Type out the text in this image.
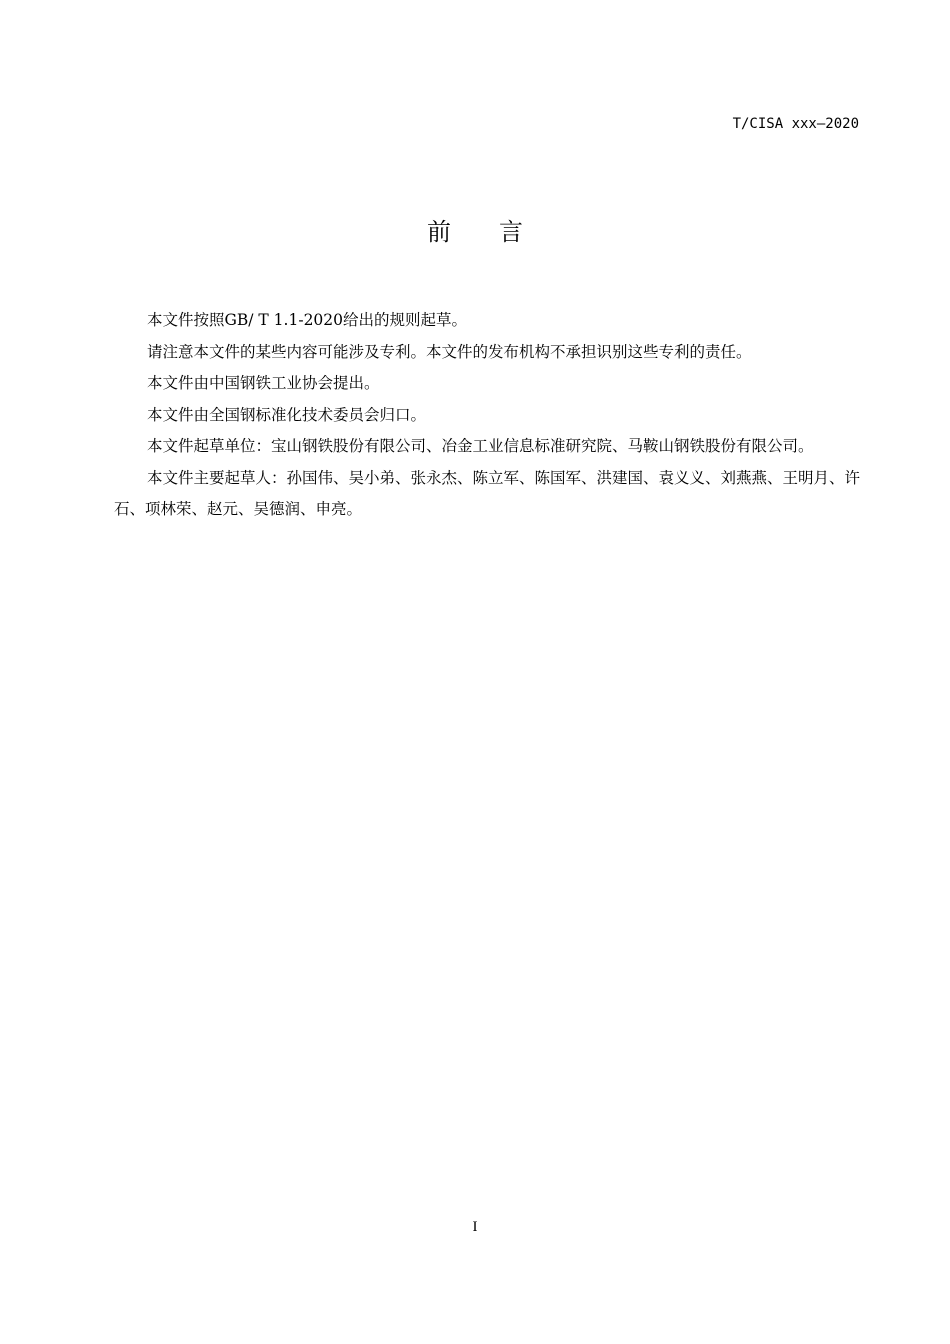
T/CISA xxx—2020
前 言

本文件按照GB/ T 1.1-2020给出的规则起草。

请注意本文件的某些内容可能涉及专利。本文件的发布机构不承担识别这些专利的责任。

本文件由中国钢铁工业协会提出。

本文件由全国钢标准化技术委员会归口。

本文件起草单位：宝山钢铁股份有限公司、冶金工业信息标准研究院、马鞍山钢铁股份有限公司。

本文件主要起草人：孙国伟、吴小弟、张永杰、陈立军、陈国军、洪建国、袁义义、刘燕燕、王明月、许石、项林荣、赵元、吴德润、申亮。

I
